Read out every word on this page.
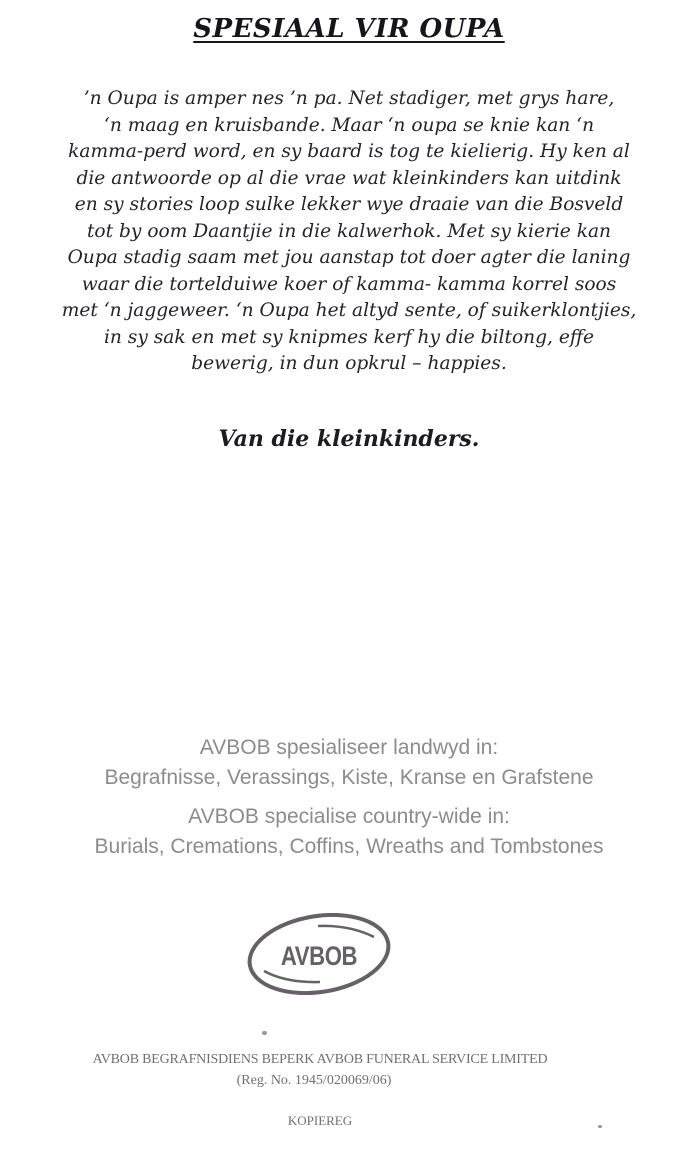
SPESIAAL VIR OUPA
’n Oupa is amper nes ’n pa. Net stadiger, met grys hare,
‘n maag en kruisbande. Maar ‘n oupa se knie kan ‘n
kamma-perd word, en sy baard is tog te kielierig. Hy ken al
die antwoorde op al die vrae wat kleinkinders kan uitdink
en sy stories loop sulke lekker wye draaie van die Bosveld
tot by oom Daantjie in die kalwerhok. Met sy kierie kan
Oupa stadig saam met jou aanstap tot doer agter die laning
waar die tortelduiwe koer of kamma- kamma korrel soos
met ‘n jaggeweer. ‘n Oupa het altyd sente, of suikerklontjies,
in sy sak en met sy knipmes kerf hy die biltong, effe
bewerig, in dun opkrul – happies.
Van die kleinkinders.
AVBOB spesialiseer landwyd in:
Begrafnisse, Verassings, Kiste, Kranse en Grafstene
AVBOB specialise country-wide in:
Burials, Cremations, Coffins, Wreaths and Tombstones
AVBOB
AVBOB BEGRAFNISDIENS BEPERK AVBOB FUNERAL SERVICE LIMITED
(Reg. No. 1945/020069/06)
KOPIEREG
